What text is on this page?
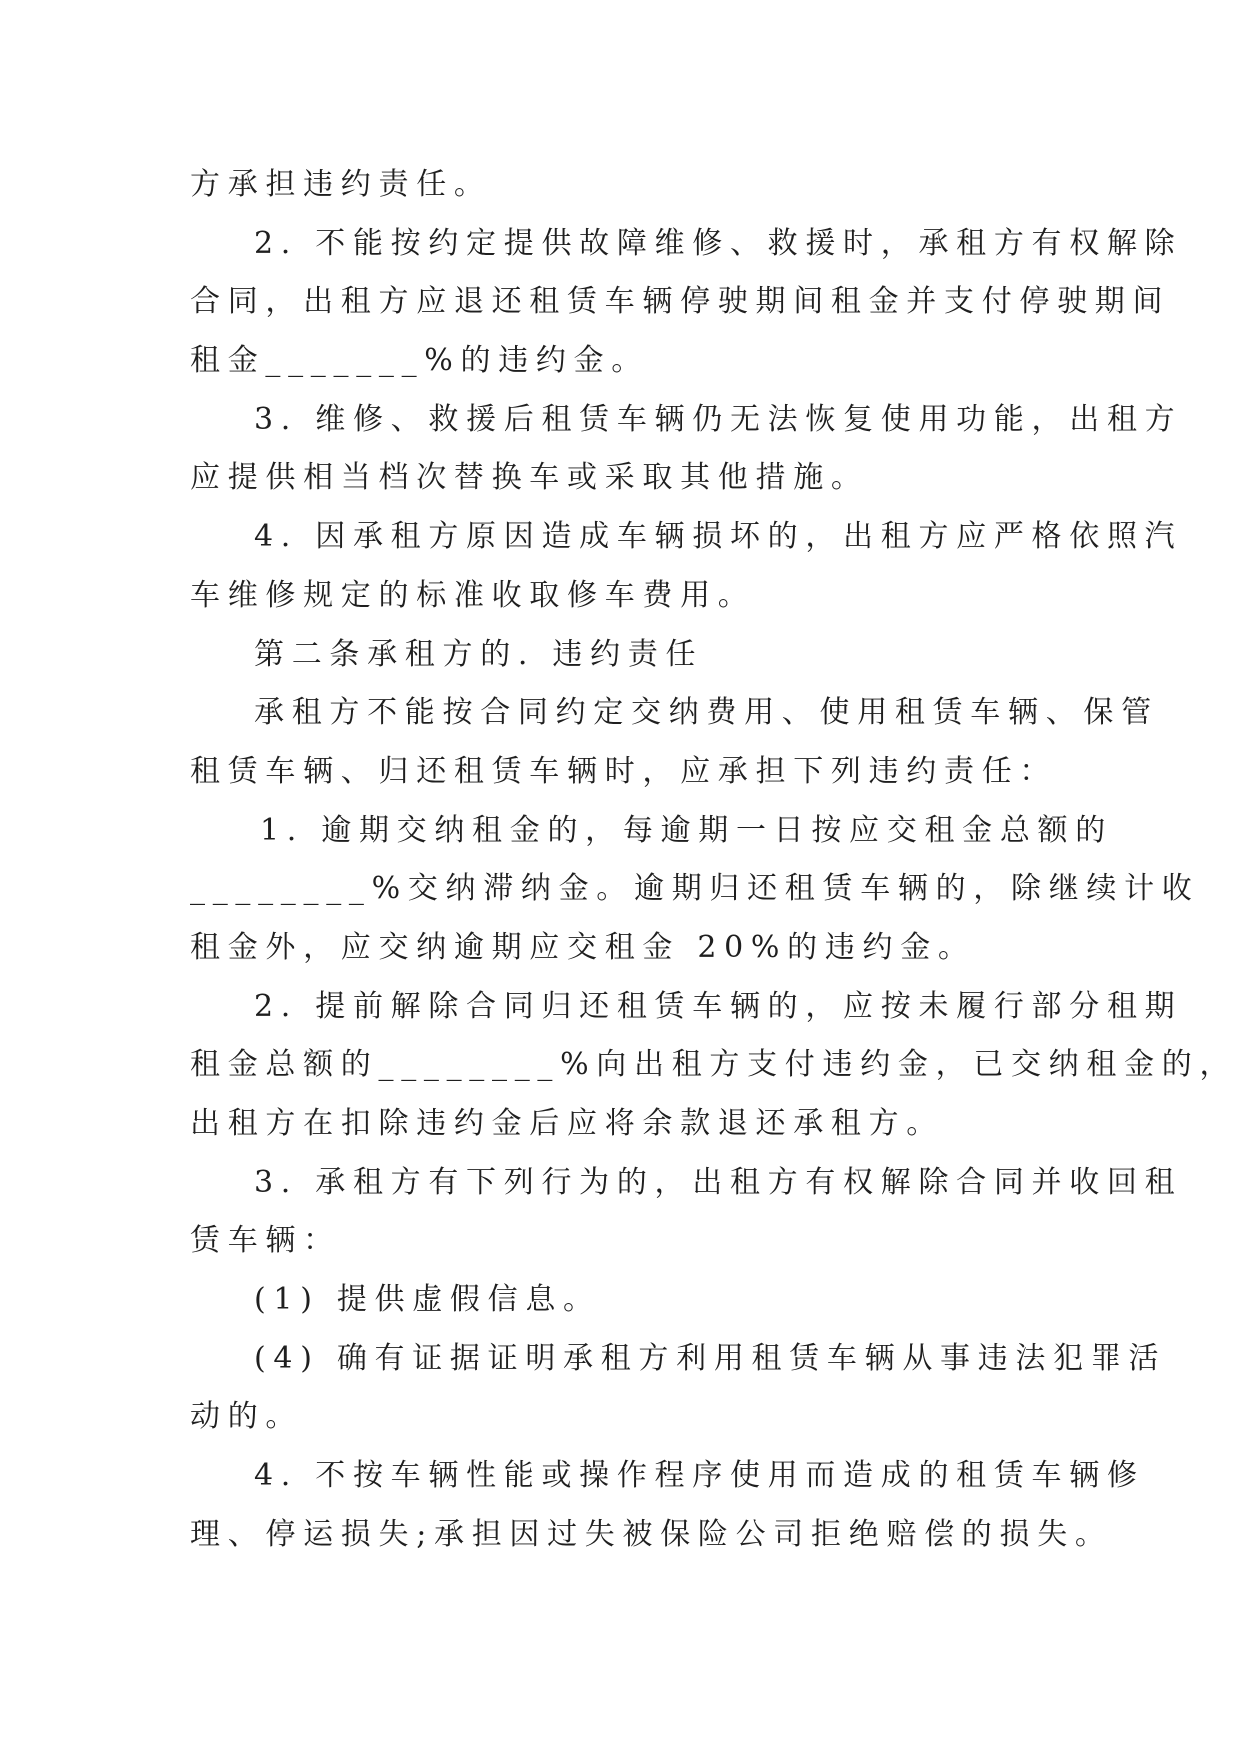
方承担违约责任。
2. 不能按约定提供故障维修、救援时，承租方有权解除
合同，出租方应退还租赁车辆停驶期间租金并支付停驶期间
租金_______%的违约金。
3. 维修、救援后租赁车辆仍无法恢复使用功能，出租方
应提供相当档次替换车或采取其他措施。
4. 因承租方原因造成车辆损坏的，出租方应严格依照汽
车维修规定的标准收取修车费用。
第二条承租方的. 违约责任
承租方不能按合同约定交纳费用、使用租赁车辆、保管
租赁车辆、归还租赁车辆时，应承担下列违约责任：
1. 逾期交纳租金的，每逾期一日按应交租金总额的
________%交纳滞纳金。逾期归还租赁车辆的，除继续计收
租金外，应交纳逾期应交租金 20%的违约金。
2. 提前解除合同归还租赁车辆的，应按未履行部分租期
租金总额的________%向出租方支付违约金，已交纳租金的，
出租方在扣除违约金后应将余款退还承租方。
3. 承租方有下列行为的，出租方有权解除合同并收回租
赁车辆：
(1) 提供虚假信息。
(4) 确有证据证明承租方利用租赁车辆从事违法犯罪活
动的。
4. 不按车辆性能或操作程序使用而造成的租赁车辆修
理、停运损失;承担因过失被保险公司拒绝赔偿的损失。
